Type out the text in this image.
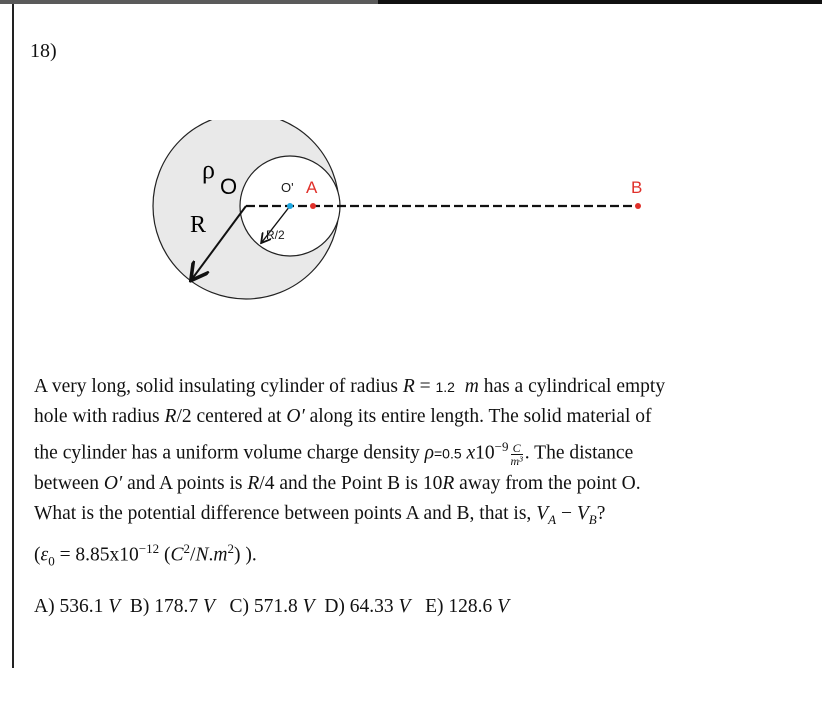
18)
ρ
O
R
O' A	B
R/2

A very long, solid insulating cylinder of radius R = 1.2 m has a cylindrical empty

hole with radius R/2 centered at O′ along its entire length. The solid material of

the cylinder has a uniform volume charge density ρ=0.5 $x10^{-9} \frac{C}{\text{m³}}$ . The distance

between O′ and A points is R/4 and the Point B is 10R away from the point O.

What is the potential difference between points A and B, that is, $V_A - V_B$?

($\varepsilon_0 = 8.85x10^{-12}$ $(C^2/N.m^2)$ ).

A) 536.1 V B) 178.7 V C) 571.8 V D) 64.33 V E) 128.6 V
